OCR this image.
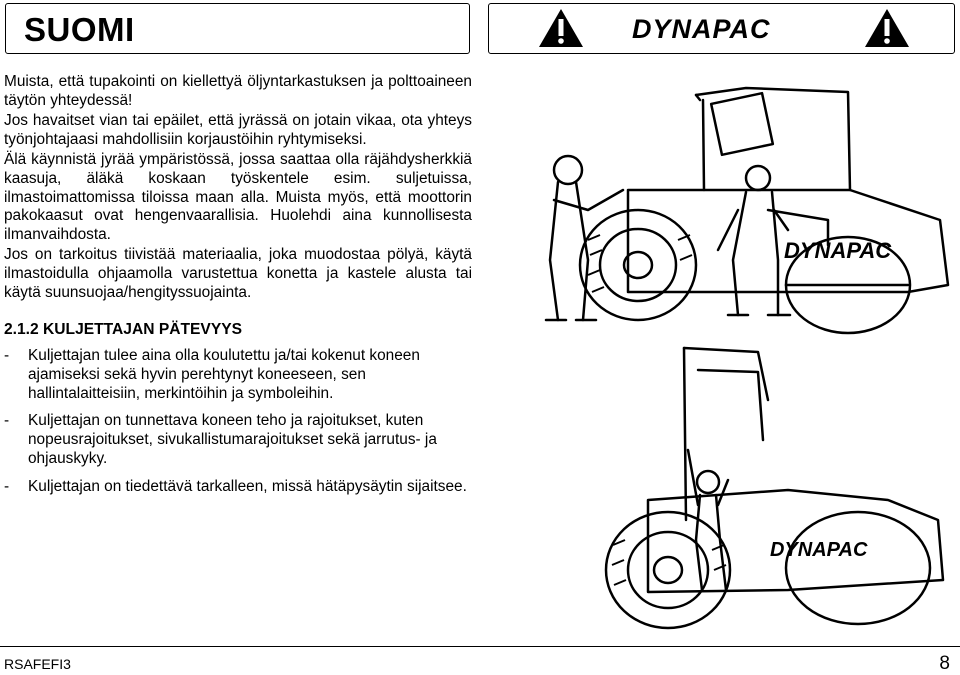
SUOMI	DYNAPAC

Muista, että tupakointi on kiellettyä öljyntarkastuksen ja polttoaineen täytön yhteydessä!

Jos havaitset vian tai epäilet, että jyrässä on jotain vikaa, ota yhteys työnjohtajaasi mahdollisiin korjaustöihin ryhtymiseksi.

Älä käynnistä jyrää ympäristössä, jossa saattaa olla räjähdysherkkiä kaasuja, äläkä koskaan työskentele esim. suljetuissa, ilmastoimattomissa tiloissa maan alla. Muista myös, että moottorin pakokaasut ovat hengenvaarallisia. Huolehdi aina kunnollisesta ilmanvaihdosta.

Jos on tarkoitus tiivistää materiaalia, joka muodostaa pölyä, käytä ilmastoidulla ohjaamolla varustettua konetta ja kastele alusta tai käytä suunsuojaa/hengityssuojainta.

2.1.2 KULJETTAJAN PÄTEVYYS
- Kuljettajan tulee aina olla koulutettu ja/tai kokenut koneen ajamiseksi sekä hyvin perehtynyt koneeseen, sen hallintalaitteisiin, merkintöihin ja symboleihin.
- Kuljettajan on tunnettava koneen teho ja rajoitukset, kuten nopeusrajoitukset, sivukallistumarajoitukset sekä jarrutus- ja ohjauskyky.
- Kuljettajan on tiedettävä tarkalleen, missä hätäpysäytin sijaitsee.
DYNAPAC
DYNAPAC
RSAFEFI3	8
